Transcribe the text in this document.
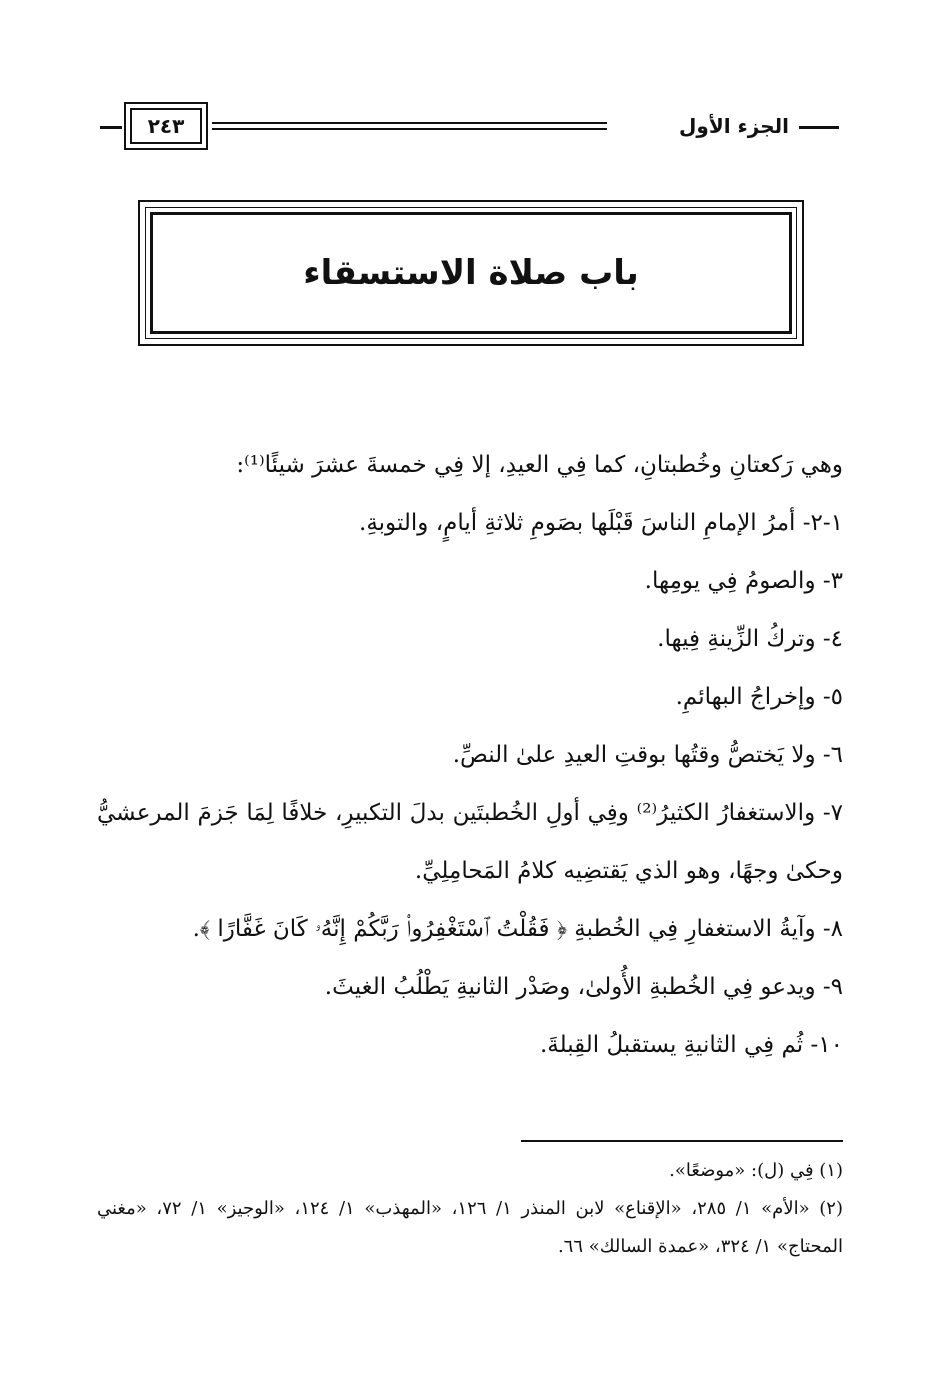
الجزء الأول
٢٤٣
باب صلاة الاستسقاء

وهي رَكعتانِ وخُطبتانِ، كما فِي العيدِ، إلا فِي خمسةَ عشرَ شيئًا⁽¹⁾:

١-٢- أمرُ الإمامِ الناسَ قَبْلَها بصَومِ ثلاثةِ أيامٍ، والتوبةِ.

٣- والصومُ فِي يومِها.

٤- وتركُ الزِّينةِ فِيها.

٥- وإخراجُ البهائمِ.

٦- ولا يَختصُّ وقتُها بوقتِ العيدِ علىٰ النصِّ.

٧- والاستغفارُ الكثيرُ⁽²⁾ وفِي أولِ الخُطبتَين بدلَ التكبيرِ، خلافًا لِمَا جَزمَ المرعشيُّ وحكىٰ وجهًا، وهو الذي يَقتضِيه كلامُ المَحامِلِيِّ.

٨- وآيةُ الاستغفارِ فِي الخُطبةِ ﴿ فَقُلْتُ ٱسْتَغْفِرُوا۟ رَبَّكُمْ إِنَّهُۥ كَانَ غَفَّارًا ﴾.

٩- ويدعو فِي الخُطبةِ الأُولىٰ، وصَدْر الثانيةِ يَطْلُبُ الغيثَ.

١٠- ثُم فِي الثانيةِ يستقبلُ القِبلةَ.

(١) فِي (ل): «موضعًا».

(٢) «الأم» ١/ ٢٨٥، «الإقناع» لابن المنذر ١/ ١٢٦، «المهذب» ١/ ١٢٤، «الوجيز» ١/ ٧٢، «مغني المحتاج» ١/ ٣٢٤، «عمدة السالك» ٦٦.
